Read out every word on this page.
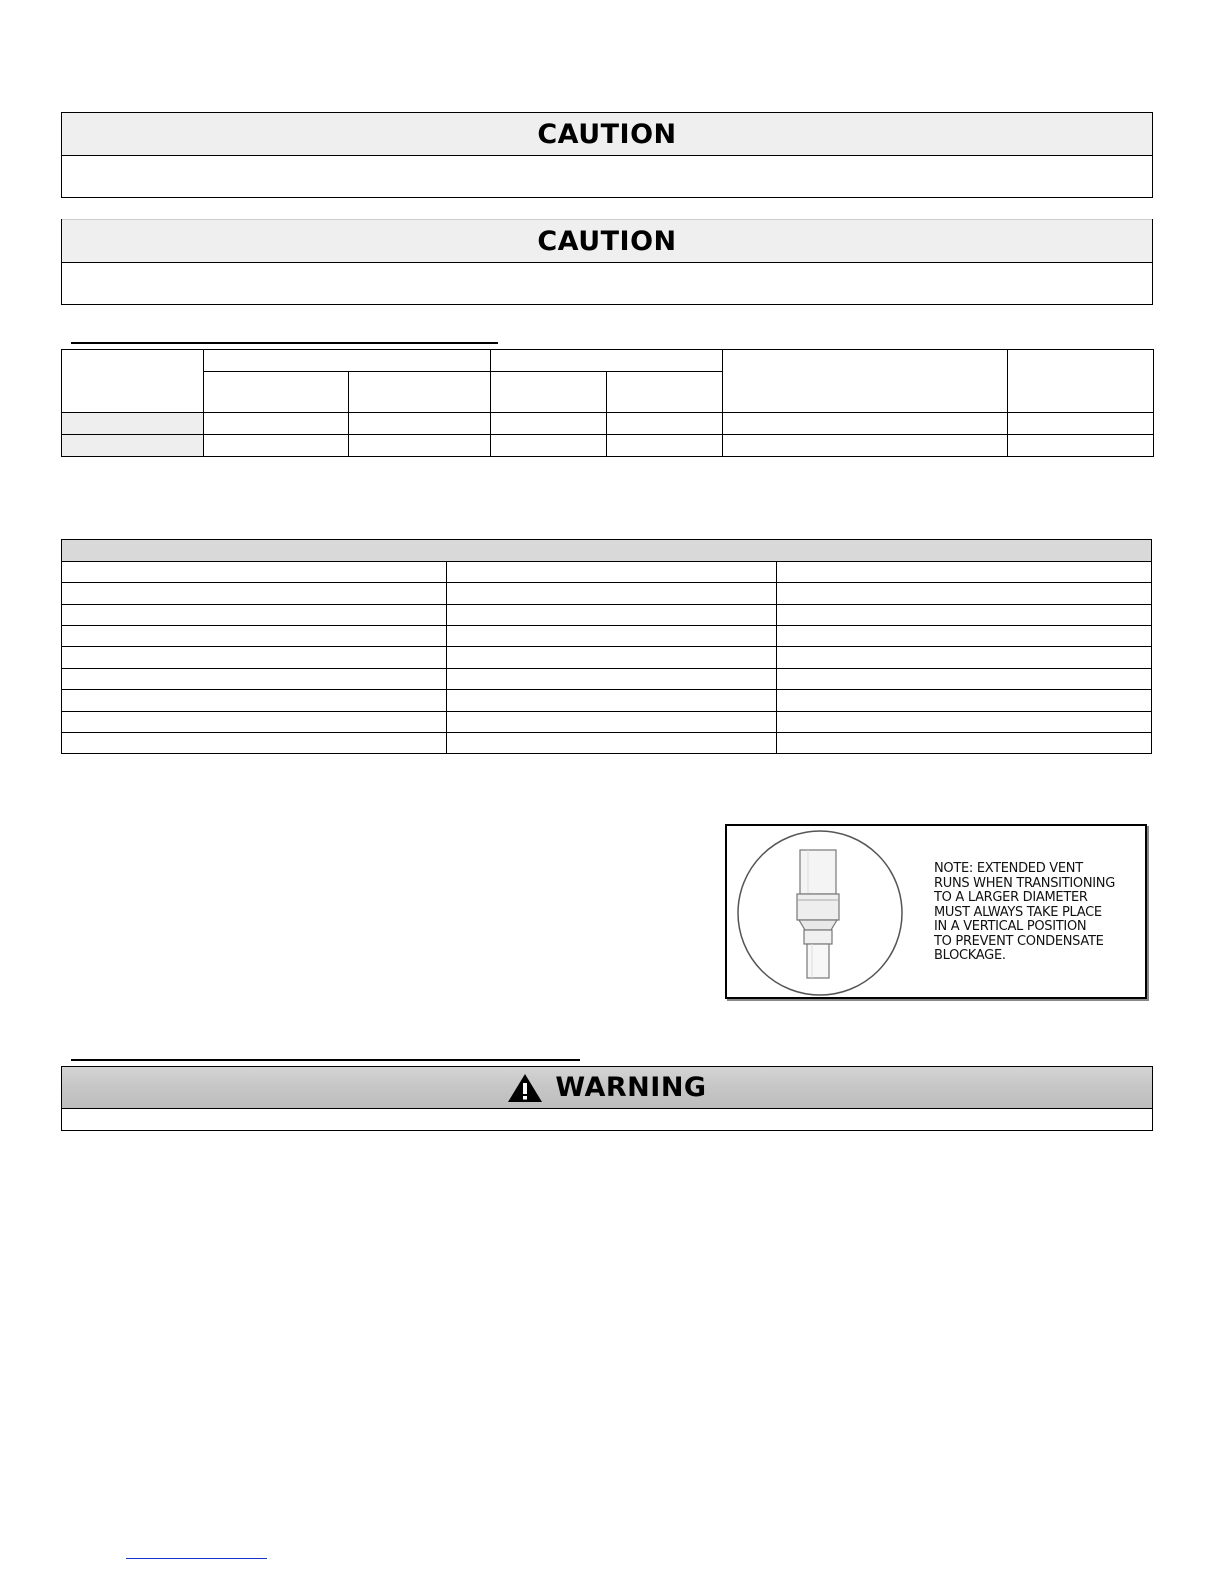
CAUTION
CAUTION

NOTE: EXTENDED VENT
RUNS WHEN TRANSITIONING
TO A LARGER DIAMETER
MUST ALWAYS TAKE PLACE
IN A VERTICAL POSITION
TO PREVENT CONDENSATE
BLOCKAGE.
WARNING
